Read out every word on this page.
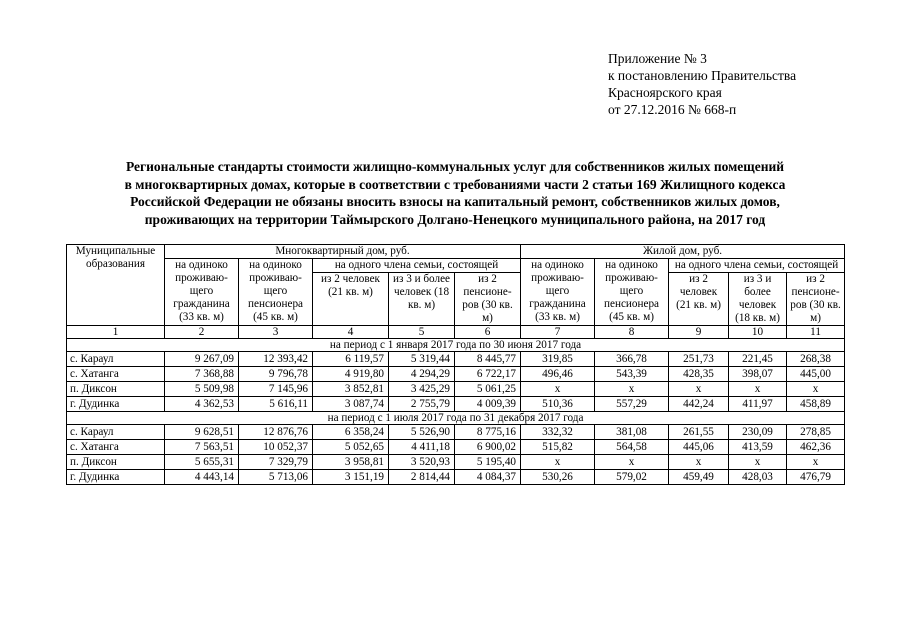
Приложение № 3
к постановлению Правительства
Красноярского края
от 27.12.2016 № 668-п
Региональные стандарты стоимости жилищно-коммунальных услуг для собственников жилых помещений
в многоквартирных домах, которые в соответствии с требованиями части 2 статьи 169 Жилищного кодекса
Российской Федерации не обязаны вносить взносы на капитальный ремонт, собственников жилых домов,
проживающих на территории Таймырского Долгано-Ненецкого муниципального района, на 2017 год
Муниципальные образования	Многоквартирный дом, руб.					Жилой дом, руб.				
	на одиноко проживаю-щего гражданина (33 кв. м)	на одиноко проживаю-щего пенсионера (45 кв. м)	на одного члена семьи, состоящей			на одиноко проживаю-щего гражданина (33 кв. м)	на одиноко проживаю-щего пенсионера (45 кв. м)	на одного члена семьи, состоящей		
			из 2 человек (21 кв. м)	из 3 и более человек (18 кв. м)	из 2 пенсионе-ров (30 кв. м)			из 2 человек (21 кв. м)	из 3 и более человек (18 кв. м)	из 2 пенсионе-ров (30 кв. м)
1	2	3	4	5	6	7	8	9	10	11
на период с 1 января 2017 года по 30 июня 2017 года										
с. Караул	9 267,09	12 393,42	6 119,57	5 319,44	8 445,77	319,85	366,78	251,73	221,45	268,38
с. Хатанга	7 368,88	9 796,78	4 919,80	4 294,29	6 722,17	496,46	543,39	428,35	398,07	445,00
п. Диксон	5 509,98	7 145,96	3 852,81	3 425,29	5 061,25	х	х	х	х	х
г. Дудинка	4 362,53	5 616,11	3 087,74	2 755,79	4 009,39	510,36	557,29	442,24	411,97	458,89
на период с 1 июля 2017 года по 31 декабря 2017 года										
с. Караул	9 628,51	12 876,76	6 358,24	5 526,90	8 775,16	332,32	381,08	261,55	230,09	278,85
с. Хатанга	7 563,51	10 052,37	5 052,65	4 411,18	6 900,02	515,82	564,58	445,06	413,59	462,36
п. Диксон	5 655,31	7 329,79	3 958,81	3 520,93	5 195,40	х	х	х	х	х
г. Дудинка	4 443,14	5 713,06	3 151,19	2 814,44	4 084,37	530,26	579,02	459,49	428,03	476,79
